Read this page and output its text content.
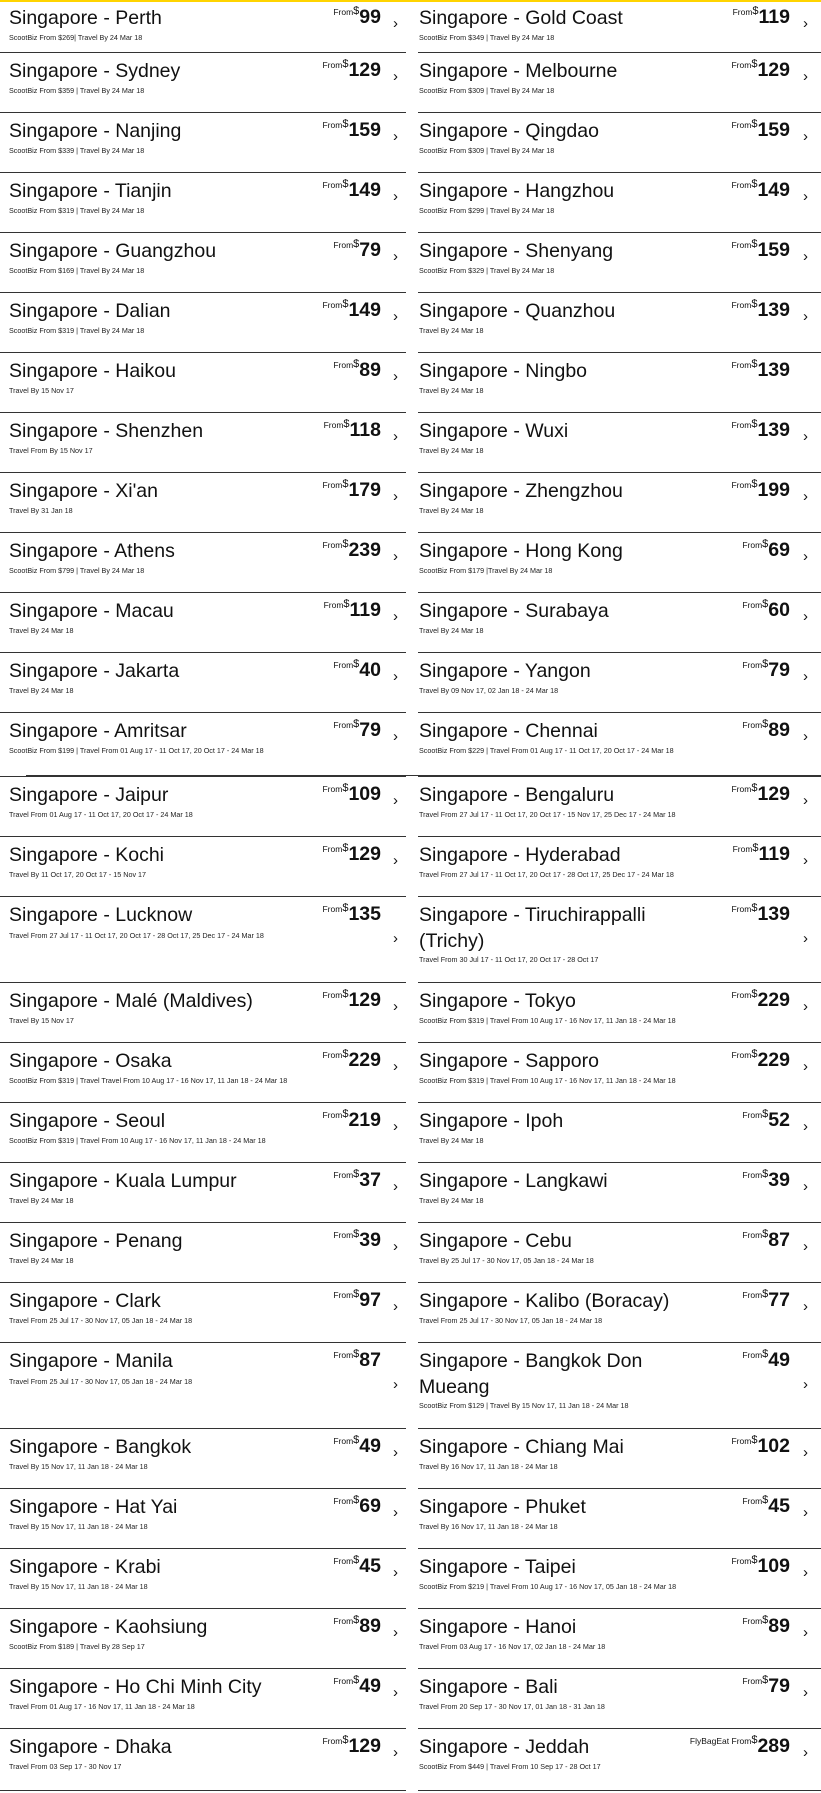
Singapore - Perth
ScootBiz From $269| Travel By 24 Mar 18
$^{From\$}$99 › Singapore - Gold Coast
ScootBiz From $349 | Travel By 24 Mar 18
$^{From\$}$119 ›
Singapore - Sydney
ScootBiz From $359 | Travel By 24 Mar 18
$^{From\$}$129 › Singapore - Melbourne
ScootBiz From $309 | Travel By 24 Mar 18
$^{From\$}$129 ›
Singapore - Nanjing
ScootBiz From $339 | Travel By 24 Mar 18
$^{From\$}$159 › Singapore - Qingdao
ScootBiz From $309 | Travel By 24 Mar 18
$^{From\$}$159 ›
Singapore - Tianjin
ScootBiz From $319 | Travel By 24 Mar 18
$^{From\$}$149 › Singapore - Hangzhou
ScootBiz From $299 | Travel By 24 Mar 18
$^{From\$}$149 ›
Singapore - Guangzhou
ScootBiz From $169 | Travel By 24 Mar 18
$^{From\$}$79 › Singapore - Shenyang
ScootBiz From $329 | Travel By 24 Mar 18
$^{From\$}$159 ›
Singapore - Dalian
ScootBiz From $319 | Travel By 24 Mar 18
$^{From\$}$149 › Singapore - Quanzhou
Travel By 24 Mar 18
$^{From\$}$139 ›
Singapore - Haikou
Travel By 15 Nov 17
$^{From\$}$89 › Singapore - Ningbo
Travel By 24 Mar 18
$^{From\$}$139
Singapore - Shenzhen
Travel From By 15 Nov 17
$^{From\$}$118 › Singapore - Wuxi
Travel By 24 Mar 18
$^{From\$}$139 ›
Singapore - Xi'an
Travel By 31 Jan 18
$^{From\$}$179 › Singapore - Zhengzhou
Travel By 24 Mar 18
$^{From\$}$199 ›
Singapore - Athens
ScootBiz From $799 | Travel By 24 Mar 18
$^{From\$}$239 › Singapore - Hong Kong
ScootBiz From $179 |Travel By 24 Mar 18
$^{From\$}$69 ›
Singapore - Macau
Travel By 24 Mar 18
$^{From\$}$119 › Singapore - Surabaya
Travel By 24 Mar 18
$^{From\$}$60 ›
Singapore - Jakarta
Travel By 24 Mar 18
$^{From\$}$40 › Singapore - Yangon
Travel By 09 Nov 17, 02 Jan 18 - 24 Mar 18
$^{From\$}$79 ›
Singapore - Amritsar
ScootBiz From $199 | Travel From 01 Aug 17 - 11 Oct 17, 20 Oct 17 - 24 Mar 18
$^{From\$}$79 › Singapore - Chennai
ScootBiz From $229 | Travel From 01 Aug 17 - 11 Oct 17, 20 Oct 17 - 24 Mar 18
$^{From\$}$89 ›
Singapore - Jaipur
Travel From 01 Aug 17 - 11 Oct 17, 20 Oct 17 - 24 Mar 18
$^{From\$}$109 › Singapore - Bengaluru
Travel From 27 Jul 17 - 11 Oct 17, 20 Oct 17 - 15 Nov 17, 25 Dec 17 - 24 Mar 18
$^{From\$}$129 ›
Singapore - Kochi
Travel By 11 Oct 17, 20 Oct 17 - 15 Nov 17
$^{From\$}$129 › Singapore - Hyderabad
Travel From 27 Jul 17 - 11 Oct 17, 20 Oct 17 - 28 Oct 17, 25 Dec 17 - 24 Mar 18
$^{From\$}$119 ›
Singapore - Lucknow
Travel From 27 Jul 17 - 11 Oct 17, 20 Oct 17 - 28 Oct 17, 25 Dec 17 - 24 Mar 18
$^{From\$}$135
›
Singapore - Tiruchirappalli (Trichy)
Travel From 30 Jul 17 - 11 Oct 17, 20 Oct 17 - 28 Oct 17
$^{From\$}$139
›
Singapore - Malé (Maldives)
Travel By 15 Nov 17
$^{From\$}$129 › Singapore - Tokyo
ScootBiz From $319 | Travel From 10 Aug 17 - 16 Nov 17, 11 Jan 18 - 24 Mar 18
$^{From\$}$229 ›
Singapore - Osaka
ScootBiz From $319 | Travel Travel From 10 Aug 17 - 16 Nov 17, 11 Jan 18 - 24 Mar 18
$^{From\$}$229 › Singapore - Sapporo
ScootBiz From $319 | Travel From 10 Aug 17 - 16 Nov 17, 11 Jan 18 - 24 Mar 18
$^{From\$}$229 ›
Singapore - Seoul
ScootBiz From $319 | Travel From 10 Aug 17 - 16 Nov 17, 11 Jan 18 - 24 Mar 18
$^{From\$}$219 › Singapore - Ipoh
Travel By 24 Mar 18
$^{From\$}$52 ›
Singapore - Kuala Lumpur
Travel By 24 Mar 18
$^{From\$}$37 › Singapore - Langkawi
Travel By 24 Mar 18
$^{From\$}$39 ›
Singapore - Penang
Travel By 24 Mar 18
$^{From\$}$39 › Singapore - Cebu
Travel By 25 Jul 17 - 30 Nov 17, 05 Jan 18 - 24 Mar 18
$^{From\$}$87 ›
Singapore - Clark
Travel From 25 Jul 17 - 30 Nov 17, 05 Jan 18 - 24 Mar 18
$^{From\$}$97 › Singapore - Kalibo (Boracay)
Travel From 25 Jul 17 - 30 Nov 17, 05 Jan 18 - 24 Mar 18
$^{From\$}$77 ›
Singapore - Manila
Travel From 25 Jul 17 - 30 Nov 17, 05 Jan 18 - 24 Mar 18
$^{From\$}$87
›
Singapore - Bangkok Don Mueang
ScootBiz From $129 | Travel By 15 Nov 17, 11 Jan 18 - 24 Mar 18
$^{From\$}$49
›
Singapore - Bangkok
Travel By 15 Nov 17, 11 Jan 18 - 24 Mar 18
$^{From\$}$49 › Singapore - Chiang Mai
Travel By 16 Nov 17, 11 Jan 18 - 24 Mar 18
$^{From\$}$102 ›
Singapore - Hat Yai
Travel By 15 Nov 17, 11 Jan 18 - 24 Mar 18
$^{From\$}$69 › Singapore - Phuket
Travel By 16 Nov 17, 11 Jan 18 - 24 Mar 18
$^{From\$}$45 ›
Singapore - Krabi
Travel By 15 Nov 17, 11 Jan 18 - 24 Mar 18
$^{From\$}$45 › Singapore - Taipei
ScootBiz From $219 | Travel From 10 Aug 17 - 16 Nov 17, 05 Jan 18 - 24 Mar 18
$^{From\$}$109 ›
Singapore - Kaohsiung
ScootBiz From $189 | Travel By 28 Sep 17
$^{From\$}$89 › Singapore - Hanoi
Travel From 03 Aug 17 - 16 Nov 17, 02 Jan 18 - 24 Mar 18
$^{From\$}$89 ›
Singapore - Ho Chi Minh City
Travel From 01 Aug 17 - 16 Nov 17, 11 Jan 18 - 24 Mar 18
$^{From\$}$49 › Singapore - Bali
Travel From 20 Sep 17 - 30 Nov 17, 01 Jan 18 - 31 Jan 18
$^{From\$}$79 ›
Singapore - Dhaka
Travel From 03 Sep 17 - 30 Nov 17
$^{From\$}$129 › Singapore - Jeddah
ScootBiz From $449 | Travel From 10 Sep 17 - 28 Oct 17
$^{FlyBagEat From\$}$289 ›
